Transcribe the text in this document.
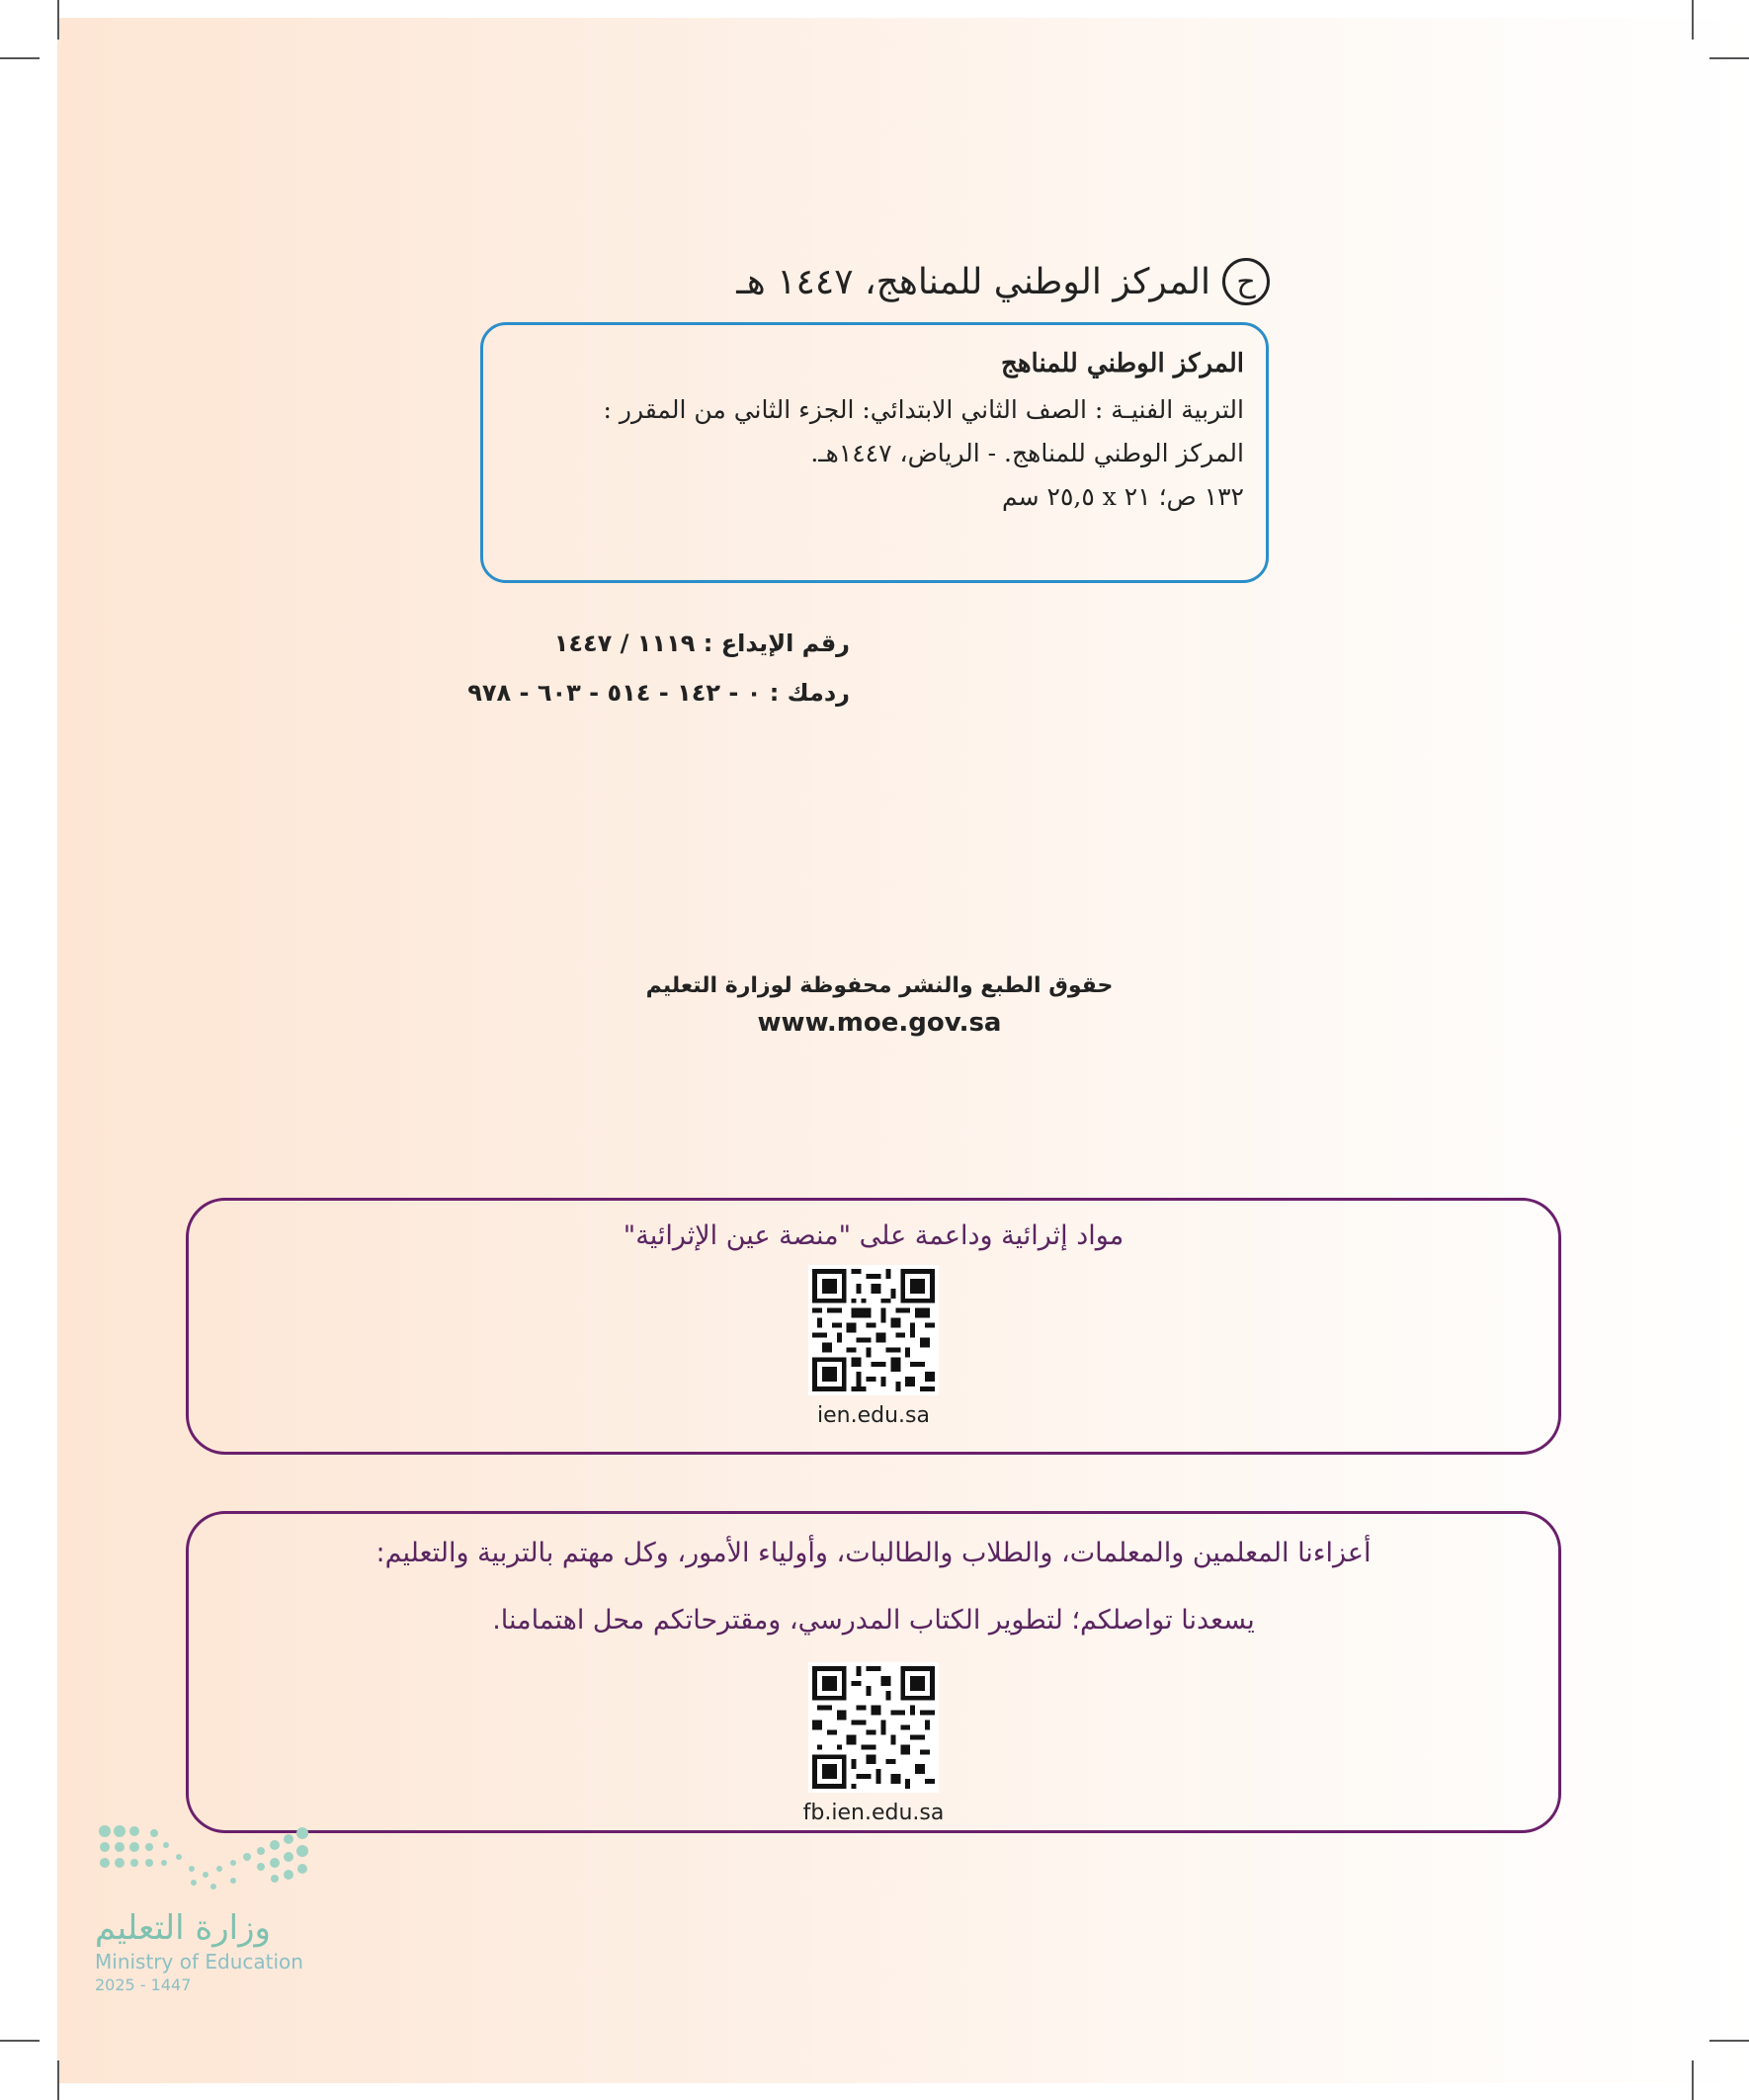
ح
المركز الوطني للمناهج، ١٤٤٧ هـ
المركز الوطني للمناهج
التربية الفنيـة : الصف الثاني الابتدائي: الجزء الثاني من المقرر :
المركز الوطني للمناهج. - الرياض، ١٤٤٧هـ.
١٣٢ ص؛ ٢١ x ٢٥,٥ سم
رقم الإيداع : ١١١٩ / ١٤٤٧
ردمك : ٠ - ١٤٢ - ٥١٤ - ٦٠٣ - ٩٧٨
حقوق الطبع والنشر محفوظة لوزارة التعليم
www.moe.gov.sa
مواد إثرائية وداعمة على "منصة عين الإثرائية"
ien.edu.sa
أعزاءنا المعلمين والمعلمات، والطلاب والطالبات، وأولياء الأمور، وكل مهتم بالتربية والتعليم:
يسعدنا تواصلكم؛ لتطوير الكتاب المدرسي، ومقترحاتكم محل اهتمامنا.
fb.ien.edu.sa
وزارة التعليم
Ministry of Education
2025 - 1447
